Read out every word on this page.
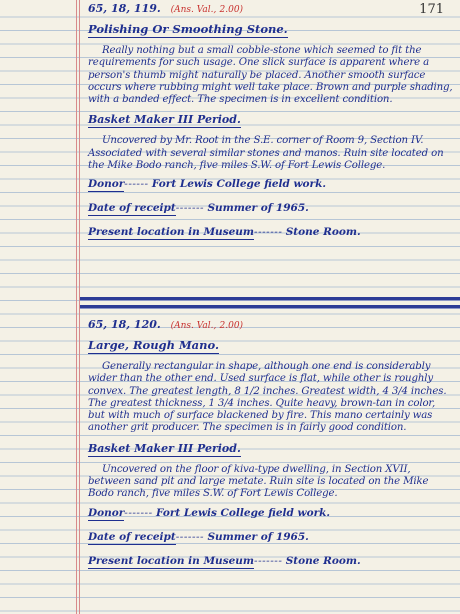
171
65, 18, 119. (Ans. Val., 2.00)
Polishing Or Smoothing Stone.

Really nothing but a small cobble-stone which seemed to fit the requirements for such usage. One slick surface is apparent where a person's thumb might naturally be placed. Another smooth surface occurs where rubbing might well take place. Brown and purple shading, with a banded effect. The specimen is in excellent condition.

Basket Maker III Period.

Uncovered by Mr. Root in the S.E. corner of Room 9, Section IV. Associated with several similar stones and manos. Ruin site located on the Mike Bodo ranch, five miles S.W. of Fort Lewis College.

Donor------ Fort Lewis College field work.
Date of receipt------- Summer of 1965.
Present location in Museum------- Stone Room.
65, 18, 120. (Ans. Val., 2.00)
Large, Rough Mano.

Generally rectangular in shape, although one end is considerably wider than the other end. Used surface is flat, while other is roughly convex. The greatest length, 8 1/2 inches. Greatest width, 4 3/4 inches. The greatest thickness, 1 3/4 inches. Quite heavy, brown-tan in color, but with much of surface blackened by fire. This mano certainly was another grit producer. The specimen is in fairly good condition.

Basket Maker III Period.

Uncovered on the floor of kiva-type dwelling, in Section XVII, between sand pit and large metate. Ruin site is located on the Mike Bodo ranch, five miles S.W. of Fort Lewis College.

Donor------- Fort Lewis College field work.
Date of receipt------- Summer of 1965.
Present location in Museum------- Stone Room.
